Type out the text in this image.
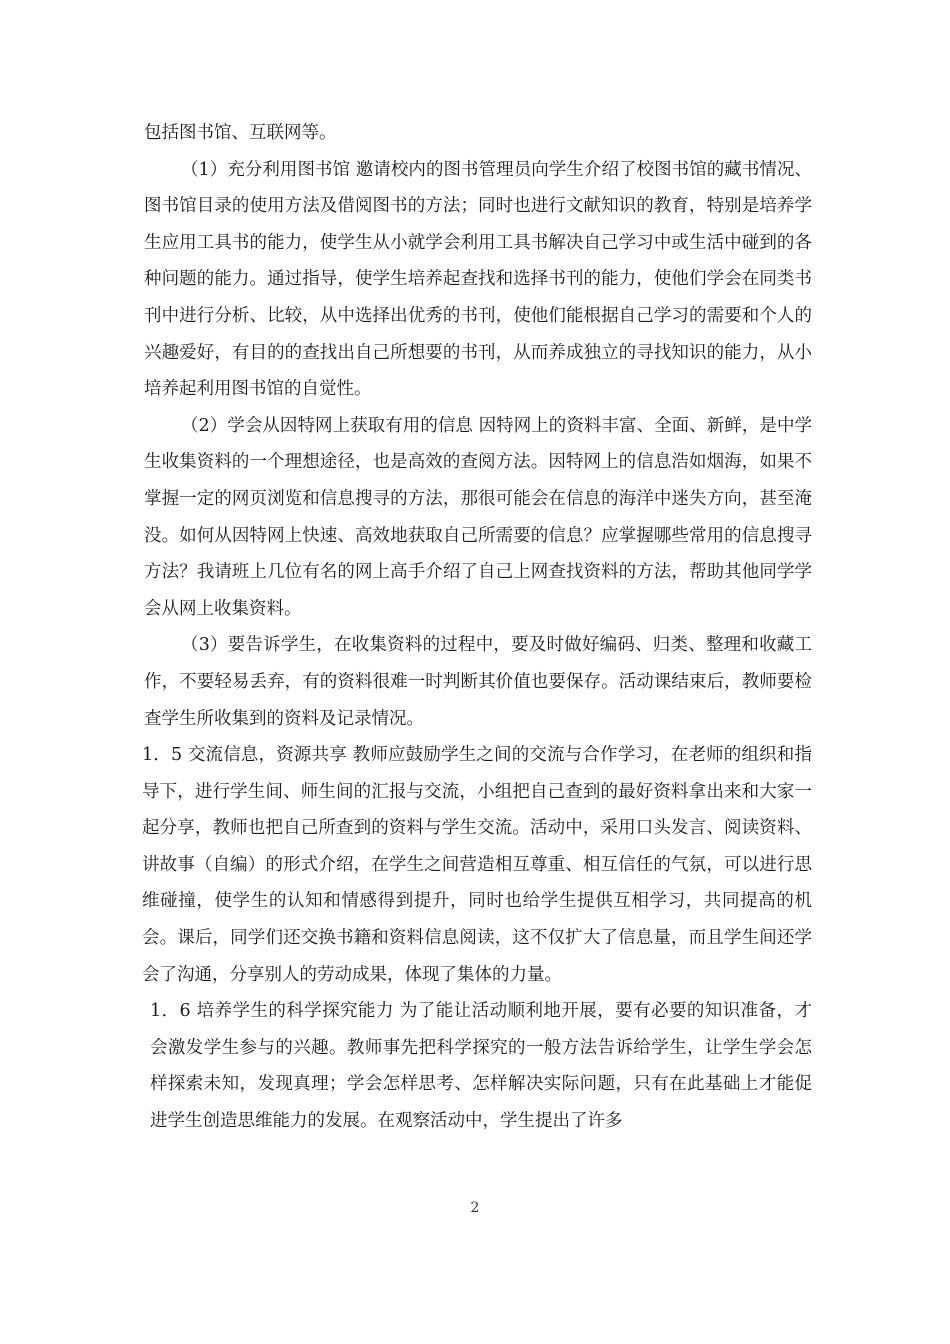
包括图书馆、互联网等。

（1）充分利用图书馆 邀请校内的图书管理员向学生介绍了校图书馆的藏书情况、图书馆目录的使用方法及借阅图书的方法；同时也进行文献知识的教育，特别是培养学生应用工具书的能力，使学生从小就学会利用工具书解决自己学习中或生活中碰到的各种问题的能力。通过指导，使学生培养起查找和选择书刊的能力，使他们学会在同类书刊中进行分析、比较，从中选择出优秀的书刊，使他们能根据自己学习的需要和个人的兴趣爱好，有目的的查找出自己所想要的书刊，从而养成独立的寻找知识的能力，从小培养起利用图书馆的自觉性。

（2）学会从因特网上获取有用的信息 因特网上的资料丰富、全面、新鲜，是中学生收集资料的一个理想途径，也是高效的查阅方法。因特网上的信息浩如烟海，如果不掌握一定的网页浏览和信息搜寻的方法，那很可能会在信息的海洋中迷失方向，甚至淹没。如何从因特网上快速、高效地获取自己所需要的信息？应掌握哪些常用的信息搜寻方法？我请班上几位有名的网上高手介绍了自己上网查找资料的方法，帮助其他同学学会从网上收集资料。

（3）要告诉学生，在收集资料的过程中，要及时做好编码、归类、整理和收藏工作，不要轻易丢弃，有的资料很难一时判断其价值也要保存。活动课结束后，教师要检查学生所收集到的资料及记录情况。

1．5 交流信息，资源共享 教师应鼓励学生之间的交流与合作学习，在老师的组织和指导下，进行学生间、师生间的汇报与交流，小组把自己查到的最好资料拿出来和大家一起分享，教师也把自己所查到的资料与学生交流。活动中，采用口头发言、阅读资料、讲故事（自编）的形式介绍，在学生之间营造相互尊重、相互信任的气氛，可以进行思维碰撞，使学生的认知和情感得到提升，同时也给学生提供互相学习，共同提高的机会。课后，同学们还交换书籍和资料信息阅读，这不仅扩大了信息量，而且学生间还学会了沟通，分享别人的劳动成果，体现了集体的力量。

1．6 培养学生的科学探究能力 为了能让活动顺利地开展，要有必要的知识准备，才会激发学生参与的兴趣。教师事先把科学探究的一般方法告诉给学生，让学生学会怎样探索未知，发现真理；学会怎样思考、怎样解决实际问题，只有在此基础上才能促进学生创造思维能力的发展。在观察活动中，学生提出了许多

2
